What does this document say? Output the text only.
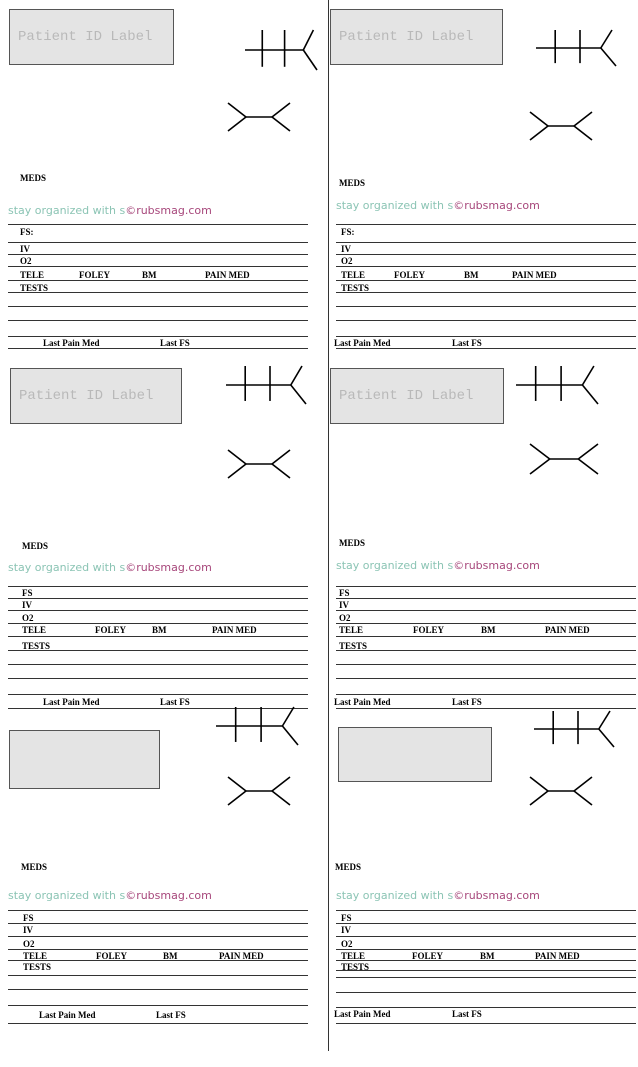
Patient ID Label
MEDS
stay organized with s©rubsmag.com
FS:
IV
O2
TELE	FOLEY	BM	PAIN MED
TESTS
Last Pain Med	Last FS
Patient ID Label
MEDS
stay organized with s©rubsmag.com
FS:
IV
O2
TELE	FOLEY	BM	PAIN MED
TESTS
Last Pain Med	Last FS
Patient ID Label
MEDS
stay organized with s©rubsmag.com
FS
IV
O2
TELE	FOLEY	BM	PAIN MED
TESTS
Last Pain Med	Last FS
Patient ID Label
MEDS
stay organized with s©rubsmag.com
FS
IV
O2
TELE	FOLEY	BM	PAIN MED
TESTS
Last Pain Med	Last FS
MEDS
stay organized with s©rubsmag.com
FS
IV
O2
TELE	FOLEY	BM	PAIN MED
TESTS
Last Pain Med	Last FS
MEDS
stay organized with s©rubsmag.com
FS
IV
O2
TELE	FOLEY	BM	PAIN MED
TESTS
Last Pain Med	Last FS
